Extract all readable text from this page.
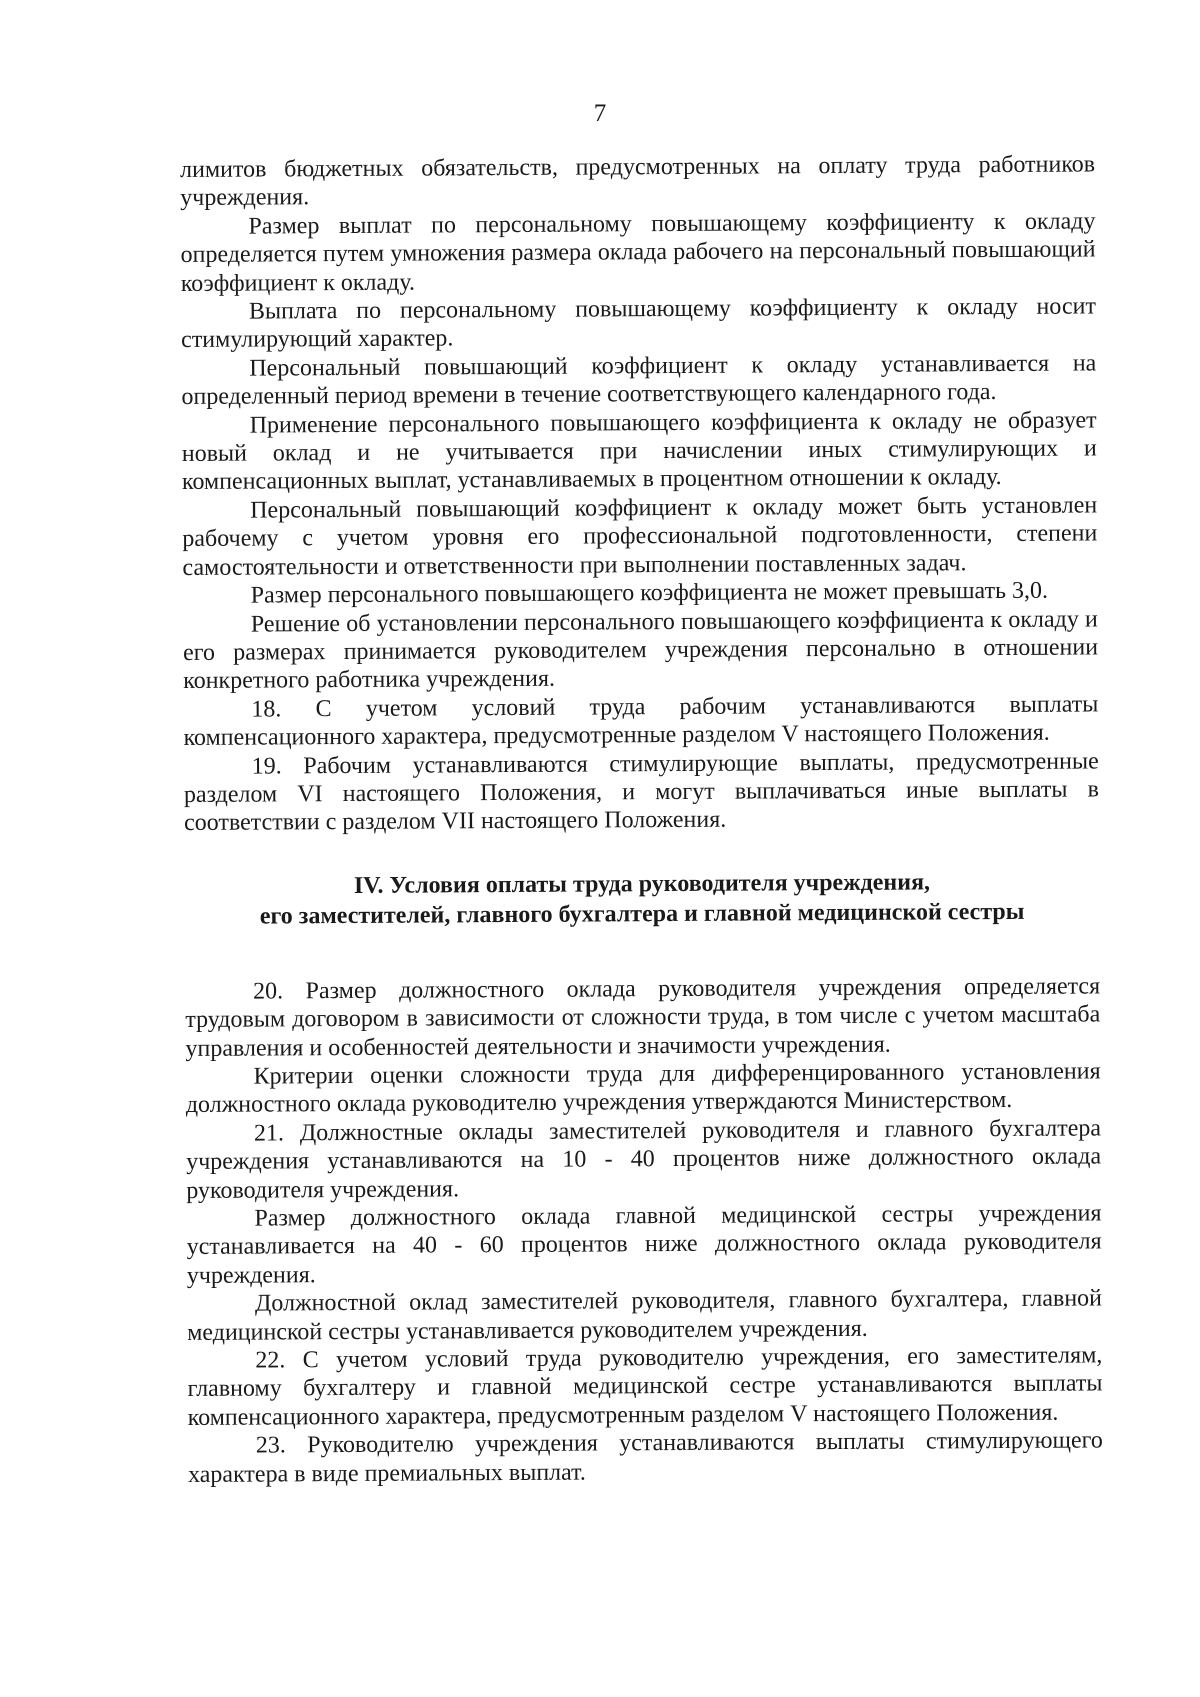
7

лимитов бюджетных обязательств, предусмотренных на оплату труда работников учреждения.

Размер выплат по персональному повышающему коэффициенту к окладу определяется путем умножения размера оклада рабочего на персональный повышающий коэффициент к окладу.

Выплата по персональному повышающему коэффициенту к окладу носит стимулирующий характер.

Персональный повышающий коэффициент к окладу устанавливается на определенный период времени в течение соответствующего календарного года.

Применение персонального повышающего коэффициента к окладу не образует новый оклад и не учитывается при начислении иных стимулирующих и компенсационных выплат, устанавливаемых в процентном отношении к окладу.

Персональный повышающий коэффициент к окладу может быть установлен рабочему с учетом уровня его профессиональной подготовленности, степени самостоятельности и ответственности при выполнении поставленных задач.

Размер персонального повышающего коэффициента не может превышать 3,0.

Решение об установлении персонального повышающего коэффициента к окладу и его размерах принимается руководителем учреждения персонально в отношении конкретного работника учреждения.

18. С учетом условий труда рабочим устанавливаются выплаты компенсационного характера, предусмотренные разделом V настоящего Положения.

19. Рабочим устанавливаются стимулирующие выплаты, предусмотренные разделом VI настоящего Положения, и могут выплачиваться иные выплаты в соответствии с разделом VII настоящего Положения.

IV. Условия оплаты труда руководителя учреждения,
его заместителей, главного бухгалтера и главной медицинской сестры

20. Размер должностного оклада руководителя учреждения определяется трудовым договором в зависимости от сложности труда, в том числе с учетом масштаба управления и особенностей деятельности и значимости учреждения.

Критерии оценки сложности труда для дифференцированного установления должностного оклада руководителю учреждения утверждаются Министерством.

21. Должностные оклады заместителей руководителя и главного бухгалтера учреждения устанавливаются на 10 - 40 процентов ниже должностного оклада руководителя учреждения.

Размер должностного оклада главной медицинской сестры учреждения устанавливается на 40 - 60 процентов ниже должностного оклада руководителя учреждения.

Должностной оклад заместителей руководителя, главного бухгалтера, главной медицинской сестры устанавливается руководителем учреждения.

22. С учетом условий труда руководителю учреждения, его заместителям, главному бухгалтеру и главной медицинской сестре устанавливаются выплаты компенсационного характера, предусмотренным разделом V настоящего Положения.

23. Руководителю учреждения устанавливаются выплаты стимулирующего характера в виде премиальных выплат.
